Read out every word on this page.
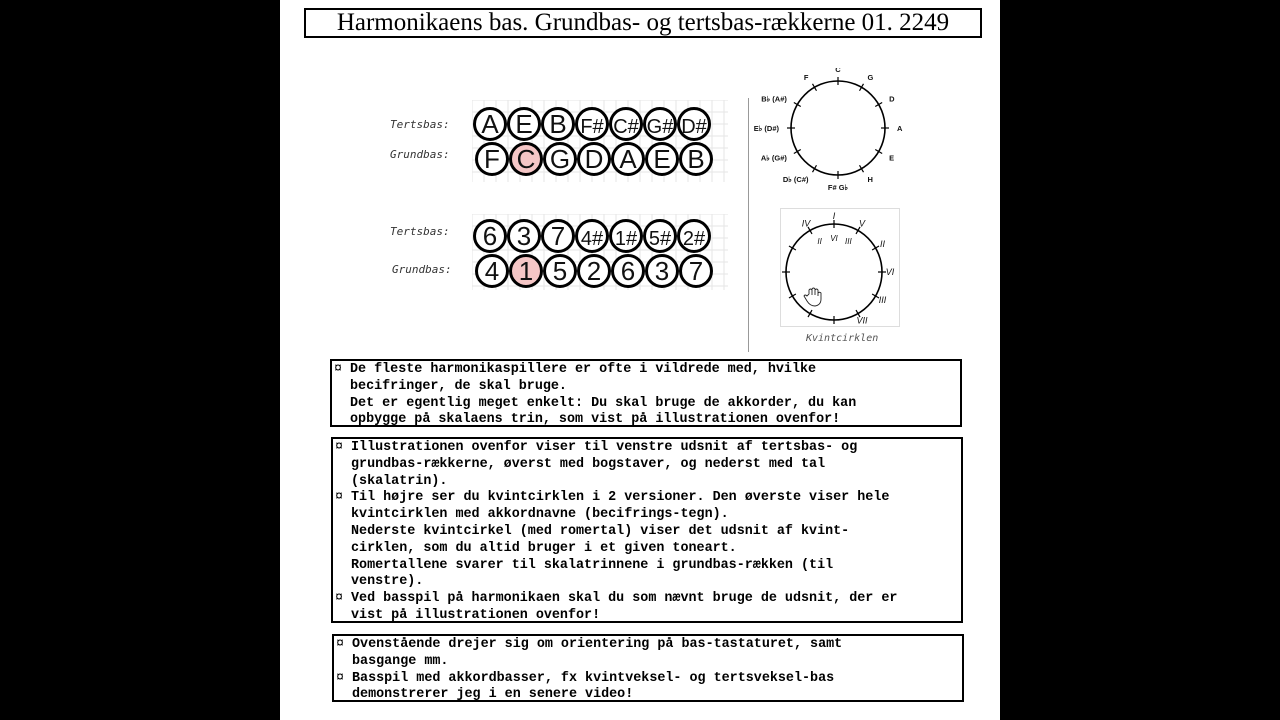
Harmonikaens bas. Grundbas- og tertsbas-rækkerne 01. 2249
Tertsbas:
Grundbas:
A E B F# C# G# D#
F C G D A E B
Tertsbas:
Grundbas:
6 3 7 4# 1# 5# 2#
4 1 5 2 6 3 7
C
G
D
A
E
H
F# G♭
D♭ (C#)
A♭ (G#)
E♭ (D#)
B♭ (A#)
F
I
V
II
VI
III
VII
IV
II VI III
Kvintcirklen
¤ De fleste harmonikaspillere er ofte i vildrede med, hvilke
becifringer, de skal bruge.
Det er egentlig meget enkelt: Du skal bruge de akkorder, du kan
opbygge på skalaens trin, som vist på illustrationen ovenfor!
¤ Illustrationen ovenfor viser til venstre udsnit af tertsbas- og
grundbas-rækkerne, øverst med bogstaver, og nederst med tal
(skalatrin).
¤ Til højre ser du kvintcirklen i 2 versioner. Den øverste viser hele
kvintcirklen med akkordnavne (becifrings-tegn).
Nederste kvintcirkel (med romertal) viser det udsnit af kvint-
cirklen, som du altid bruger i et given toneart.
Romertallene svarer til skalatrinnene i grundbas-rækken (til
venstre).
¤ Ved basspil på harmonikaen skal du som nævnt bruge de udsnit, der er
vist på illustrationen ovenfor!
¤ Ovenstående drejer sig om orientering på bas-tastaturet, samt
basgange mm.
¤ Basspil med akkordbasser, fx kvintveksel- og tertsveksel-bas
demonstrerer jeg i en senere video!
